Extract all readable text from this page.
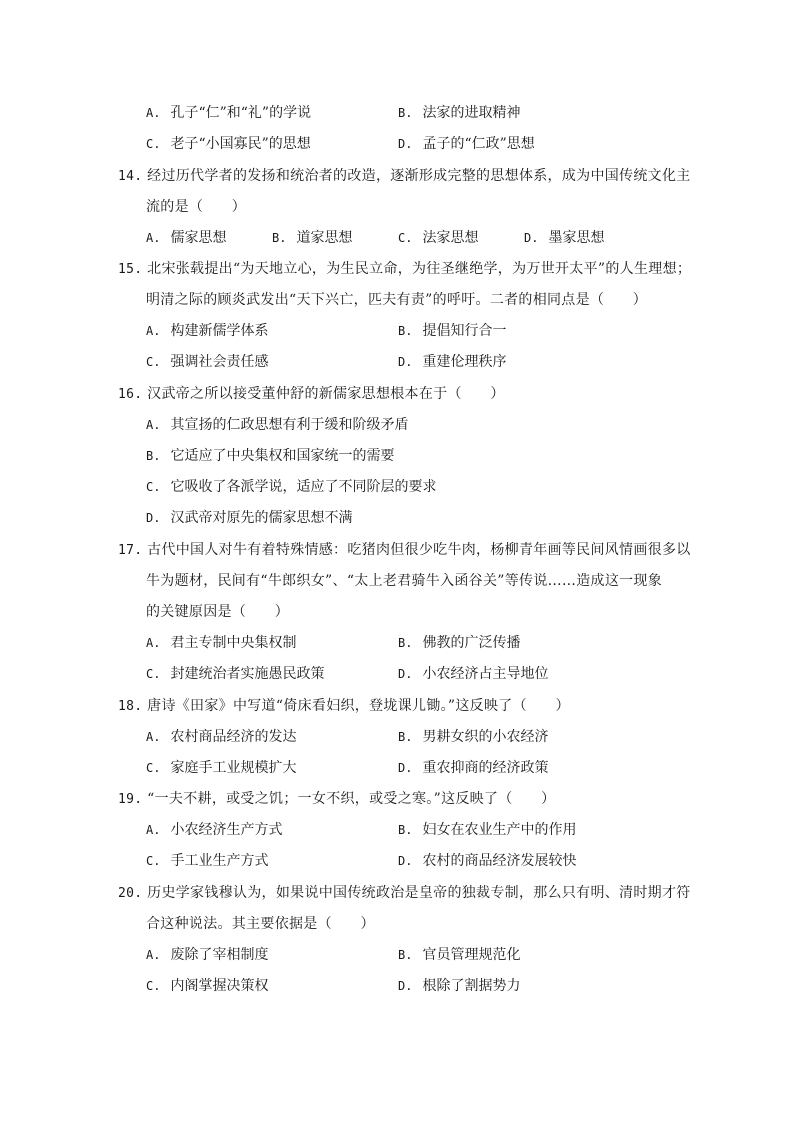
A. 孔子“仁”和“礼”的学说	B. 法家的进取精神
C. 老子“小国寡民”的思想	D. 孟子的“仁政”思想
14. 经过历代学者的发扬和统治者的改造，逐渐形成完整的思想体系，成为中国传统文化主
流的是（　　）
A. 儒家思想	B. 道家思想	C. 法家思想	D. 墨家思想
15. 北宋张载提出“为天地立心，为生民立命，为往圣继绝学，为万世开太平”的人生理想；
明清之际的顾炎武发出“天下兴亡，匹夫有责”的呼吁。二者的相同点是（　　）
A. 构建新儒学体系	B. 提倡知行合一
C. 强调社会责任感	D. 重建伦理秩序
16. 汉武帝之所以接受董仲舒的新儒家思想根本在于（　　）
A. 其宣扬的仁政思想有利于缓和阶级矛盾
B. 它适应了中央集权和国家统一的需要
C. 它吸收了各派学说，适应了不同阶层的要求
D. 汉武帝对原先的儒家思想不满
17. 古代中国人对牛有着特殊情感：吃猪肉但很少吃牛肉，杨柳青年画等民间风情画很多以
牛为题材，民间有“牛郎织女”、“太上老君骑牛入函谷关”等传说……造成这一现象
的关键原因是（　　）
A. 君主专制中央集权制	B. 佛教的广泛传播
C. 封建统治者实施愚民政策	D. 小农经济占主导地位
18. 唐诗《田家》中写道“倚床看妇织，登垅课儿锄。”这反映了（　　）
A. 农村商品经济的发达	B. 男耕女织的小农经济
C. 家庭手工业规模扩大	D. 重农抑商的经济政策
19. “一夫不耕，或受之饥；一女不织，或受之寒。”这反映了（　　）
A. 小农经济生产方式	B. 妇女在农业生产中的作用
C. 手工业生产方式	D. 农村的商品经济发展较快
20. 历史学家钱穆认为，如果说中国传统政治是皇帝的独裁专制，那么只有明、清时期才符
合这种说法。其主要依据是（　　）
A. 废除了宰相制度	B. 官员管理规范化
C. 内阁掌握决策权	D. 根除了割据势力
